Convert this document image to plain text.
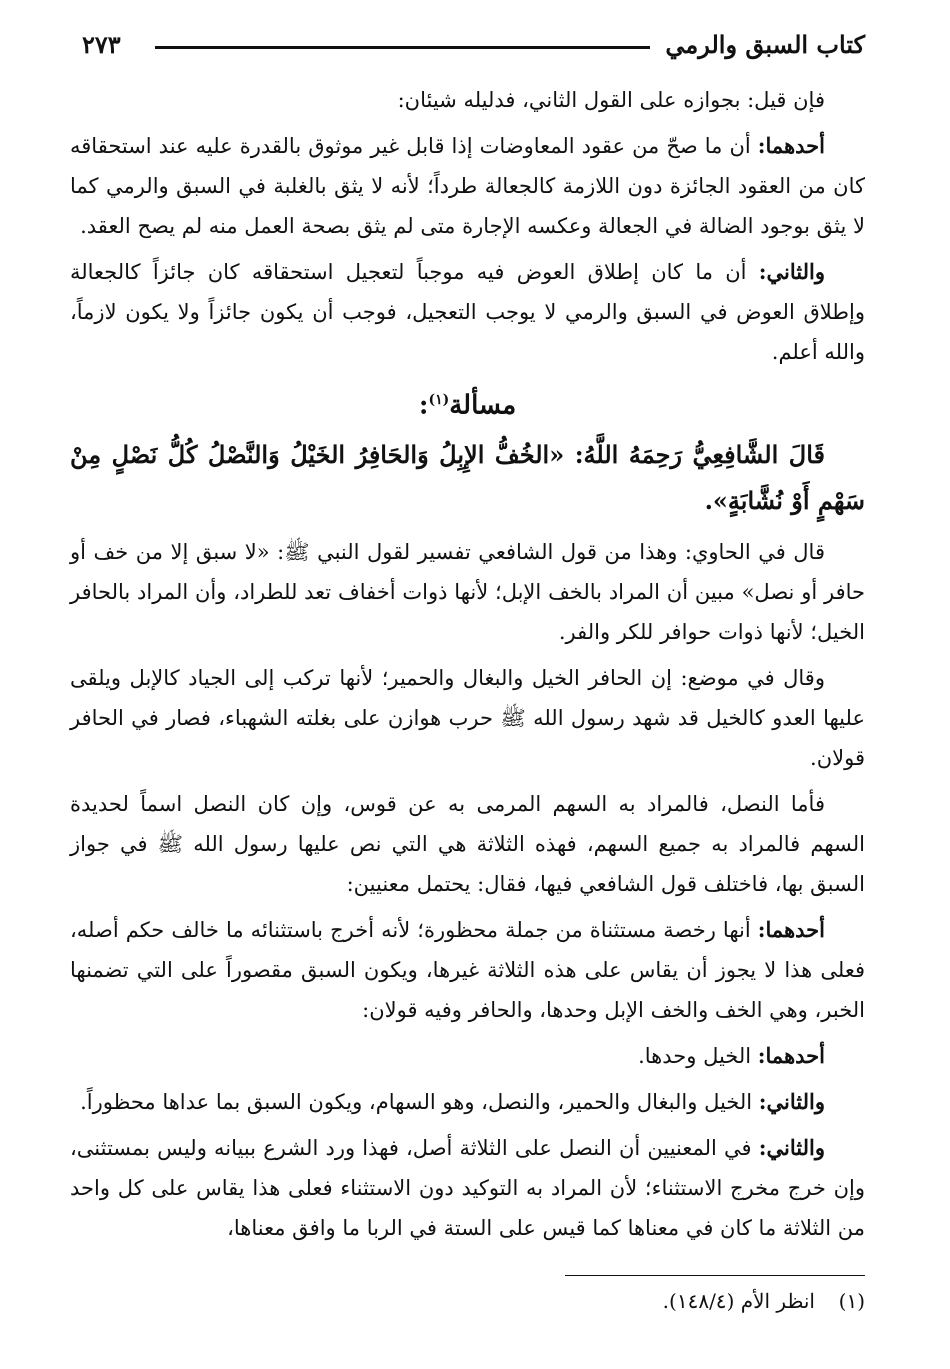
كتاب السبق والرمي
٢٧٣

فإن قيل: بجوازه على القول الثاني، فدليله شيئان:

أحدهما: أن ما صحّ من عقود المعاوضات إذا قابل غير موثوق بالقدرة عليه عند استحقاقه كان من العقود الجائزة دون اللازمة كالجعالة طرداً؛ لأنه لا يثق بالغلبة في السبق والرمي كما لا يثق بوجود الضالة في الجعالة وعكسه الإجارة متى لم يثق بصحة العمل منه لم يصح العقد.

والثاني: أن ما كان إطلاق العوض فيه موجباً لتعجيل استحقاقه كان جائزاً كالجعالة وإطلاق العوض في السبق والرمي لا يوجب التعجيل، فوجب أن يكون جائزاً ولا يكون لازماً، والله أعلم.

مسألة$^{(١)}$:

قَالَ الشَّافِعِيُّ رَحِمَهُ اللَّهُ: «الخُفُّ الإِبِلُ وَالحَافِرُ الخَيْلُ وَالنَّصْلُ كُلُّ نَصْلٍ مِنْ سَهْمٍ أَوْ نُشَّابَةٍ».

قال في الحاوي: وهذا من قول الشافعي تفسير لقول النبي ﷺ: «لا سبق إلا من خف أو حافر أو نصل» مبين أن المراد بالخف الإبل؛ لأنها ذوات أخفاف تعد للطراد، وأن المراد بالحافر الخيل؛ لأنها ذوات حوافر للكر والفر.

وقال في موضع: إن الحافر الخيل والبغال والحمير؛ لأنها تركب إلى الجياد كالإبل ويلقى عليها العدو كالخيل قد شهد رسول الله ﷺ حرب هوازن على بغلته الشهباء، فصار في الحافر قولان.

فأما النصل، فالمراد به السهم المرمى به عن قوس، وإن كان النصل اسماً لحديدة السهم فالمراد به جميع السهم، فهذه الثلاثة هي التي نص عليها رسول الله ﷺ في جواز السبق بها، فاختلف قول الشافعي فيها، فقال: يحتمل معنيين:

أحدهما: أنها رخصة مستثناة من جملة محظورة؛ لأنه أخرج باستثنائه ما خالف حكم أصله، فعلى هذا لا يجوز أن يقاس على هذه الثلاثة غيرها، ويكون السبق مقصوراً على التي تضمنها الخبر، وهي الخف والخف الإبل وحدها، والحافر وفيه قولان:

أحدهما: الخيل وحدها.

والثاني: الخيل والبغال والحمير، والنصل، وهو السهام، ويكون السبق بما عداها محظوراً.

والثاني: في المعنيين أن النصل على الثلاثة أصل، فهذا ورد الشرع ببيانه وليس بمستثنى، وإن خرج مخرج الاستثناء؛ لأن المراد به التوكيد دون الاستثناء فعلى هذا يقاس على كل واحد من الثلاثة ما كان في معناها كما قيس على الستة في الربا ما وافق معناها،

(١)انظر الأم (١٤٨/٤).
